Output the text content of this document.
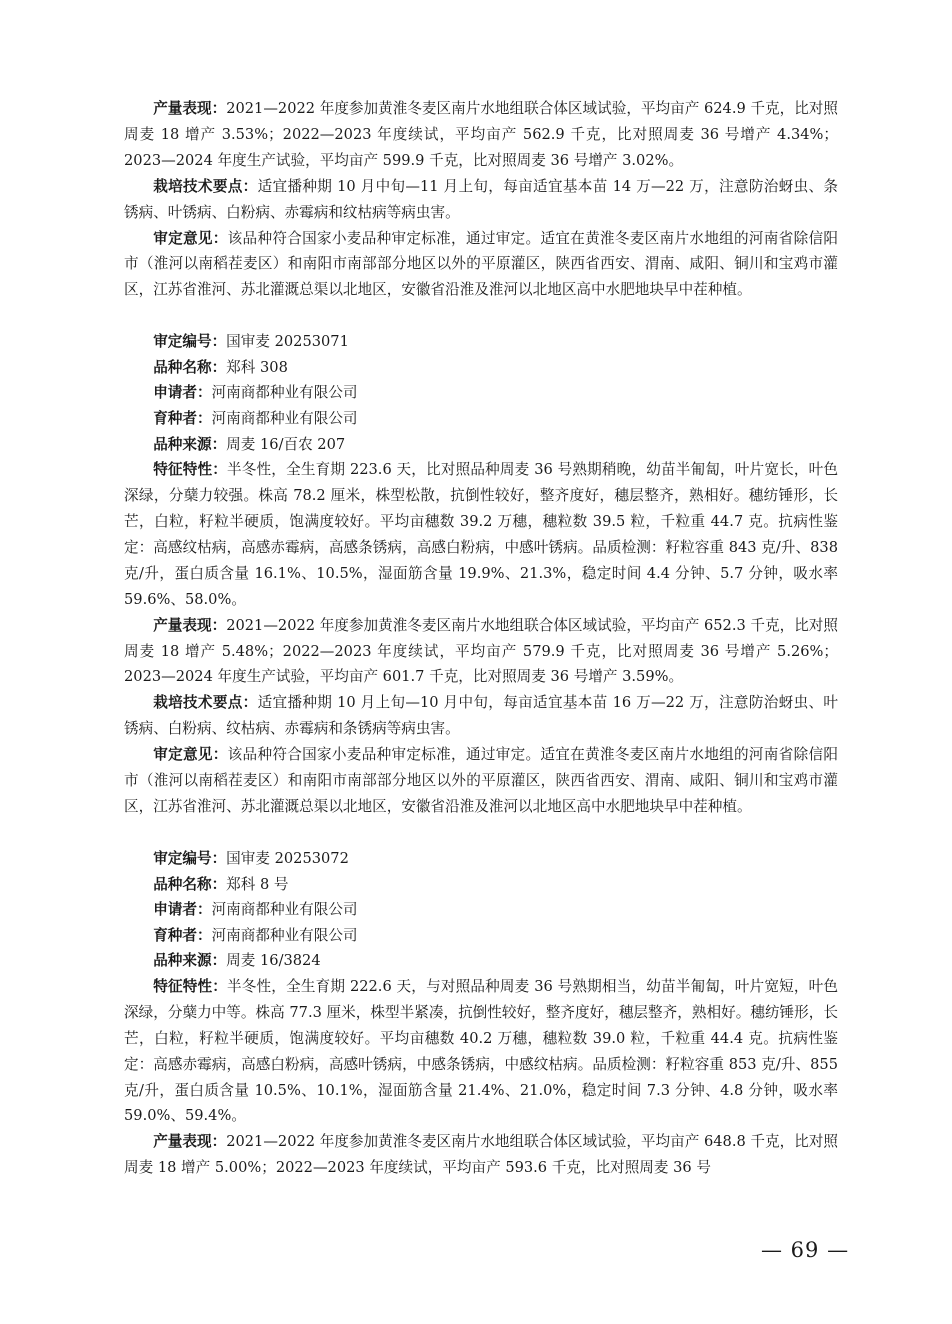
产量表现：2021—2022 年度参加黄淮冬麦区南片水地组联合体区域试验，平均亩产 624.9 千克，比对照周麦 18 增产 3.53%；2022—2023 年度续试，平均亩产 562.9 千克，比对照周麦 36 号增产 4.34%；2023—2024 年度生产试验，平均亩产 599.9 千克，比对照周麦 36 号增产 3.02%。

栽培技术要点：适宜播种期 10 月中旬—11 月上旬，每亩适宜基本苗 14 万—22 万，注意防治蚜虫、条锈病、叶锈病、白粉病、赤霉病和纹枯病等病虫害。

审定意见：该品种符合国家小麦品种审定标准，通过审定。适宜在黄淮冬麦区南片水地组的河南省除信阳市（淮河以南稻茬麦区）和南阳市南部部分地区以外的平原灌区，陕西省西安、渭南、咸阳、铜川和宝鸡市灌区，江苏省淮河、苏北灌溉总渠以北地区，安徽省沿淮及淮河以北地区高中水肥地块早中茬种植。

审定编号：国审麦 20253071

品种名称：郑科 308

申请者：河南商都种业有限公司

育种者：河南商都种业有限公司

品种来源：周麦 16/百农 207

特征特性：半冬性，全生育期 223.6 天，比对照品种周麦 36 号熟期稍晚，幼苗半匍匐，叶片宽长，叶色深绿，分蘖力较强。株高 78.2 厘米，株型松散，抗倒性较好，整齐度好，穗层整齐，熟相好。穗纺锤形，长芒，白粒，籽粒半硬质，饱满度较好。平均亩穗数 39.2 万穗，穗粒数 39.5 粒，千粒重 44.7 克。抗病性鉴定：高感纹枯病，高感赤霉病，高感条锈病，高感白粉病，中感叶锈病。品质检测：籽粒容重 843 克/升、838 克/升，蛋白质含量 16.1%、10.5%，湿面筋含量 19.9%、21.3%，稳定时间 4.4 分钟、5.7 分钟，吸水率 59.6%、58.0%。

产量表现：2021—2022 年度参加黄淮冬麦区南片水地组联合体区域试验，平均亩产 652.3 千克，比对照周麦 18 增产 5.48%；2022—2023 年度续试，平均亩产 579.9 千克，比对照周麦 36 号增产 5.26%；2023—2024 年度生产试验，平均亩产 601.7 千克，比对照周麦 36 号增产 3.59%。

栽培技术要点：适宜播种期 10 月上旬—10 月中旬，每亩适宜基本苗 16 万—22 万，注意防治蚜虫、叶锈病、白粉病、纹枯病、赤霉病和条锈病等病虫害。

审定意见：该品种符合国家小麦品种审定标准，通过审定。适宜在黄淮冬麦区南片水地组的河南省除信阳市（淮河以南稻茬麦区）和南阳市南部部分地区以外的平原灌区，陕西省西安、渭南、咸阳、铜川和宝鸡市灌区，江苏省淮河、苏北灌溉总渠以北地区，安徽省沿淮及淮河以北地区高中水肥地块早中茬种植。

审定编号：国审麦 20253072

品种名称：郑科 8 号

申请者：河南商都种业有限公司

育种者：河南商都种业有限公司

品种来源：周麦 16/3824

特征特性：半冬性，全生育期 222.6 天，与对照品种周麦 36 号熟期相当，幼苗半匍匐，叶片宽短，叶色深绿，分蘖力中等。株高 77.3 厘米，株型半紧凑，抗倒性较好，整齐度好，穗层整齐，熟相好。穗纺锤形，长芒，白粒，籽粒半硬质，饱满度较好。平均亩穗数 40.2 万穗，穗粒数 39.0 粒，千粒重 44.4 克。抗病性鉴定：高感赤霉病，高感白粉病，高感叶锈病，中感条锈病，中感纹枯病。品质检测：籽粒容重 853 克/升、855 克/升，蛋白质含量 10.5%、10.1%，湿面筋含量 21.4%、21.0%，稳定时间 7.3 分钟、4.8 分钟，吸水率 59.0%、59.4%。

产量表现：2021—2022 年度参加黄淮冬麦区南片水地组联合体区域试验，平均亩产 648.8 千克，比对照周麦 18 增产 5.00%；2022—2023 年度续试，平均亩产 593.6 千克，比对照周麦 36 号

— 69 —
